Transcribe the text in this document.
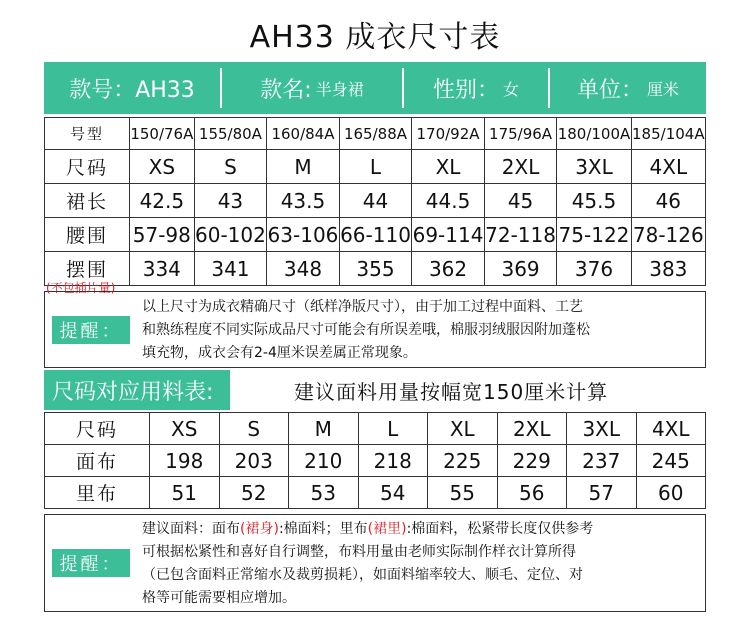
AH33 成衣尺寸表
款号：AH33	款名: 半身裙	性别： 女	单位： 厘米
号型	150/76A	155/80A	160/84A	165/88A	170/92A	175/96A	180/100A	185/104A
尺码	XS	S	M	L	XL	2XL	3XL	4XL
裙长	42.5	43	43.5	44	44.5	45	45.5	46
腰围	57-98	60-102	63-106	66-110	69-114	72-118	75-122	78-126
摆围	334	341	348	355	362	369	376	383
(不包插片量)
提醒：
以上尺寸为成衣精确尺寸（纸样净版尺寸），由于加工过程中面料、工艺
和熟练程度不同实际成品尺寸可能会有所误差哦，棉服羽绒服因附加蓬松
填充物，成衣会有2-4厘米误差属正常现象。
尺码对应用料表:	建议面料用量按幅宽150厘米计算
尺码	XS	S	M	L	XL	2XL	3XL	4XL
面布	198	203	210	218	225	229	237	245
里布	51	52	53	54	55	56	57	60
提醒：
建议面料：面布(裙身):棉面料；里布(裙里):棉面料，松紧带长度仅供参考
可根据松紧性和喜好自行调整，布料用量由老师实际制作样衣计算所得
（已包含面料正常缩水及裁剪损耗），如面料缩率较大、顺毛、定位、对
格等可能需要相应增加。
